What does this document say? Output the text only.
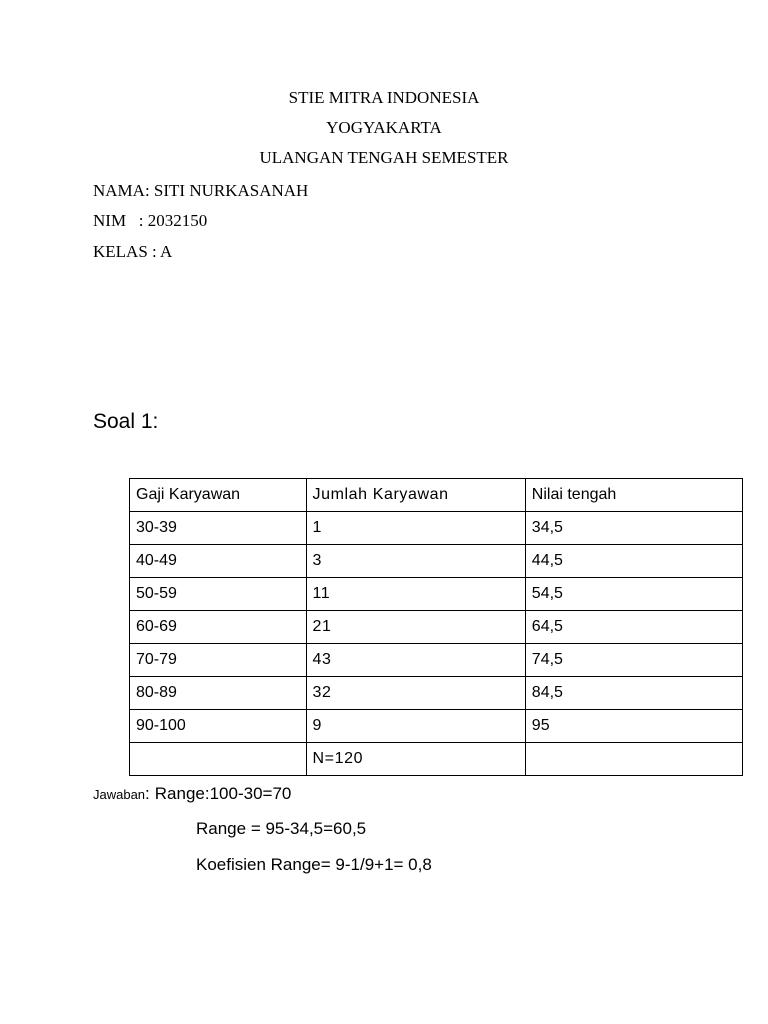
STIE MITRA INDONESIA
YOGYAKARTA
ULANGAN TENGAH SEMESTER
NAMA: SITI NURKASANAH
NIM   : 2032150
KELAS : A
Soal 1:
Gaji Karyawan	Jumlah Karyawan	Nilai tengah
30-39	1	34,5
40-49	3	44,5
50-59	11	54,5
60-69	21	64,5
70-79	43	74,5
80-89	32	84,5
90-100	9	95
	N=120	
Jawaban: Range:100-30=70
Range = 95-34,5=60,5
Koefisien Range= 9-1/9+1= 0,8
